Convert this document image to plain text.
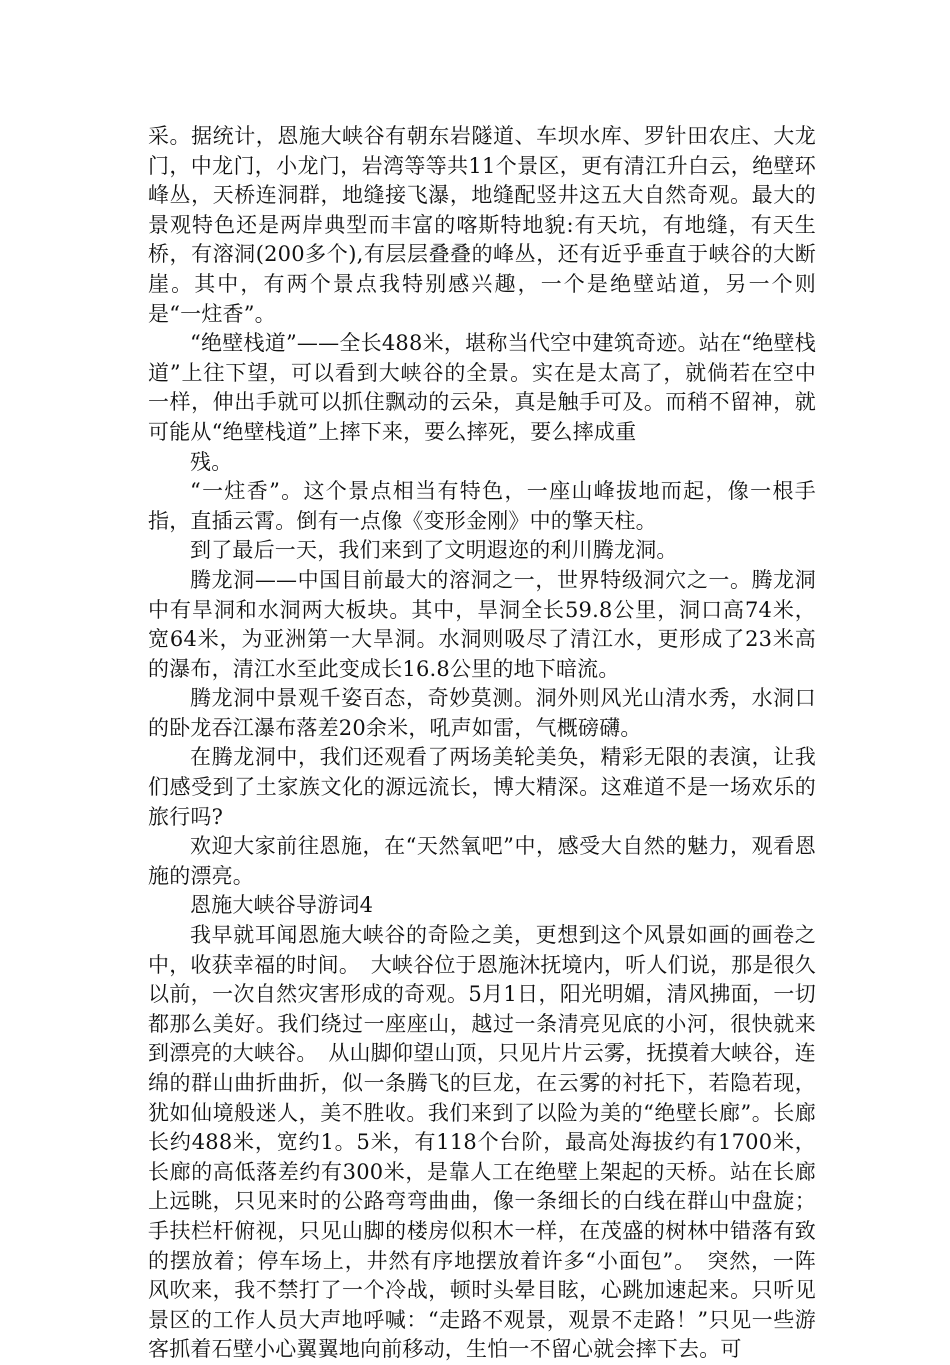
采。据统计，恩施大峡谷有朝东岩隧道、车坝水库、罗针田农庄、大龙门，中龙门，小龙门，岩湾等等共11个景区，更有清江升白云，绝壁环峰丛，天桥连洞群，地缝接飞瀑，地缝配竖井这五大自然奇观。最大的景观特色还是两岸典型而丰富的喀斯特地貌:有天坑，有地缝，有天生桥，有溶洞(200多个),有层层叠叠的峰丛，还有近乎垂直于峡谷的大断崖。其中，有两个景点我特别感兴趣，一个是绝壁站道，另一个则是“一炷香”。

“绝壁栈道”——全长488米，堪称当代空中建筑奇迹。站在“绝壁栈道”上往下望，可以看到大峡谷的全景。实在是太高了，就倘若在空中一样，伸出手就可以抓住飘动的云朵，真是触手可及。而稍不留神，就可能从“绝壁栈道”上摔下来，要么摔死，要么摔成重

残。

“一炷香”。这个景点相当有特色，一座山峰拔地而起，像一根手指，直插云霄。倒有一点像《变形金刚》中的擎天柱。

到了最后一天，我们来到了文明遐迩的利川腾龙洞。

腾龙洞——中国目前最大的溶洞之一，世界特级洞穴之一。腾龙洞中有旱洞和水洞两大板块。其中，旱洞全长59.8公里，洞口高74米，宽64米，为亚洲第一大旱洞。水洞则吸尽了清江水，更形成了23米高的瀑布，清江水至此变成长16.8公里的地下暗流。

腾龙洞中景观千姿百态，奇妙莫测。洞外则风光山清水秀，水洞口的卧龙吞江瀑布落差20余米，吼声如雷，气概磅礴。

在腾龙洞中，我们还观看了两场美轮美奂，精彩无限的表演，让我们感受到了土家族文化的源远流长，博大精深。这难道不是一场欢乐的旅行吗?

欢迎大家前往恩施，在“天然氧吧”中，感受大自然的魅力，观看恩施的漂亮。

恩施大峡谷导游词4

我早就耳闻恩施大峡谷的奇险之美，更想到这个风景如画的画卷之中，收获幸福的时间。　大峡谷位于恩施沐抚境内，听人们说，那是很久以前，一次自然灾害形成的奇观。5月1日，阳光明媚，清风拂面，一切都那么美好。我们绕过一座座山，越过一条清亮见底的小河，很快就来到漂亮的大峡谷。　从山脚仰望山顶，只见片片云雾，抚摸着大峡谷，连绵的群山曲折曲折，似一条腾飞的巨龙，在云雾的衬托下，若隐若现，犹如仙境般迷人，美不胜收。我们来到了以险为美的“绝壁长廊”。长廊长约488米，宽约1。5米，有118个台阶，最高处海拔约有1700米，长廊的高低落差约有300米，是靠人工在绝壁上架起的天桥。站在长廊上远眺，只见来时的公路弯弯曲曲，像一条细长的白线在群山中盘旋；手扶栏杆俯视，只见山脚的楼房似积木一样，在茂盛的树林中错落有致的摆放着；停车场上，井然有序地摆放着许多“小面包”。　突然，一阵风吹来，我不禁打了一个冷战，顿时头晕目眩，心跳加速起来。只听见景区的工作人员大声地呼喊：“走路不观景，观景不走路！”只见一些游客抓着石壁小心翼翼地向前移动，生怕一不留心就会摔下去。可
